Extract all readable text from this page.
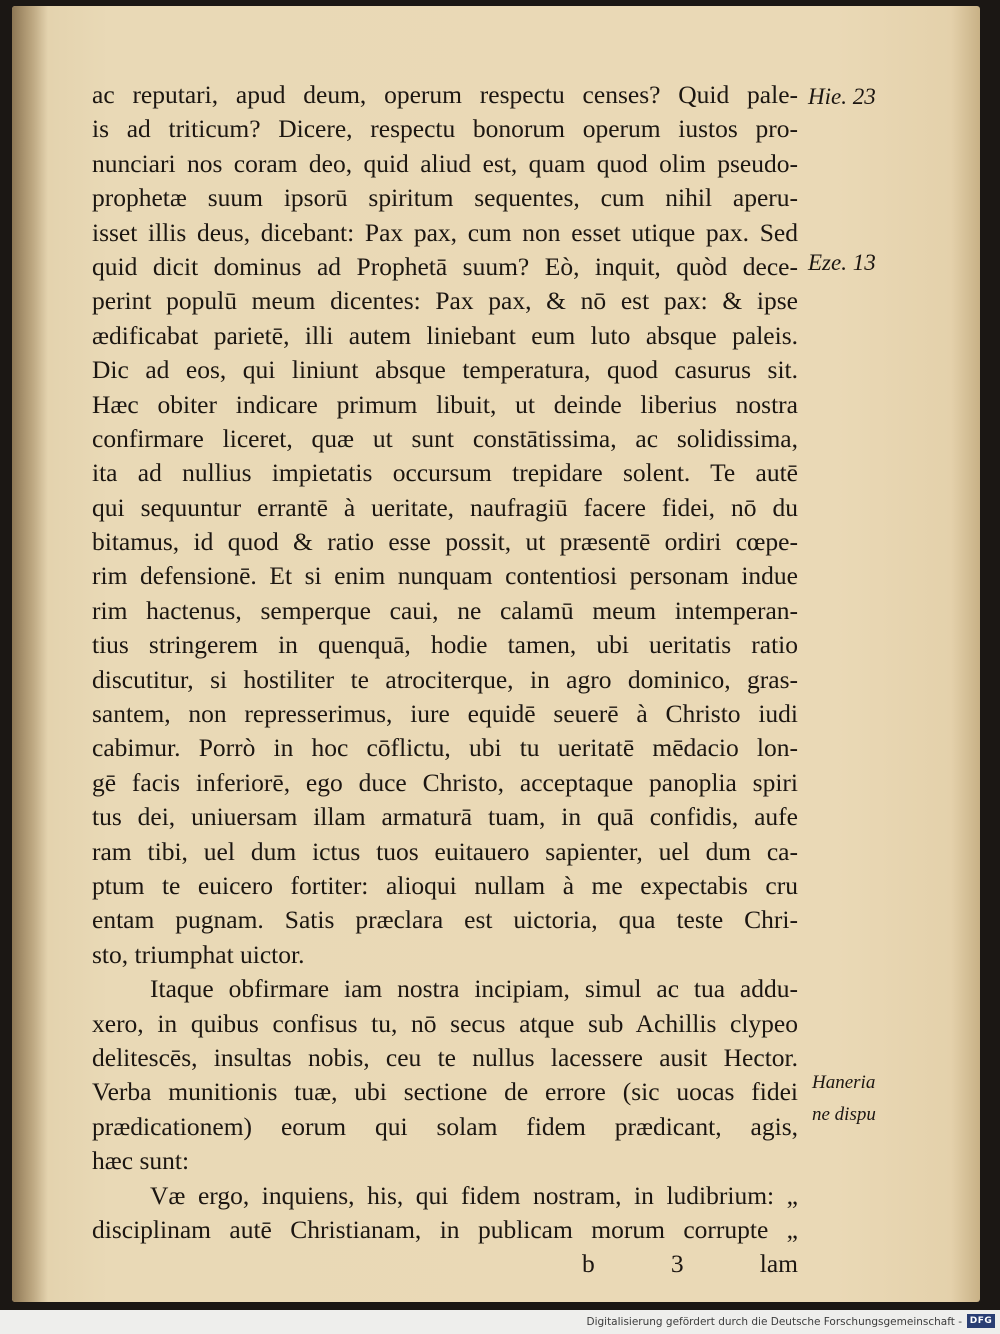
ac reputari, apud deum, operum respectu censes? Quid pale-
is ad triticum? Dicere, respectu bonorum operum iustos pro-
nunciari nos coram deo, quid aliud est, quam quod olim pseudo-
prophetæ suum ipsorū spiritum sequentes, cum nihil aperu-
isset illis deus, dicebant: Pax pax, cum non esset utique pax. Sed
quid dicit dominus ad Prophetā suum? Eò, inquit, quòd dece-
perint populū meum dicentes: Pax pax, & nō est pax: & ipse
ædificabat parietē, illi autem liniebant eum luto absque paleis.
Dic ad eos, qui liniunt absque temperatura, quod casurus sit.
Hæc obiter indicare primum libuit, ut deinde liberius nostra
confirmare liceret, quæ ut sunt constātissima, ac solidissima,
ita ad nullius impietatis occursum trepidare solent. Te autē
qui sequuntur errantē à ueritate, naufragiū facere fidei, nō du
bitamus, id quod & ratio esse possit, ut præsentē ordiri cœpe-
rim defensionē. Et si enim nunquam contentiosi personam indue
rim hactenus, semperque caui, ne calamū meum intemperan-
tius stringerem in quenquā, hodie tamen, ubi ueritatis ratio
discutitur, si hostiliter te atrociterque, in agro dominico, gras-
santem, non represserimus, iure equidē seuerē à Christo iudi
cabimur. Porrò in hoc cōflictu, ubi tu ueritatē mēdacio lon-
gē facis inferiorē, ego duce Christo, acceptaque panoplia spiri
tus dei, uniuersam illam armaturā tuam, in quā confidis, aufe
ram tibi, uel dum ictus tuos euitauero sapienter, uel dum ca-
ptum te euicero fortiter: alioqui nullam à me expectabis cru
entam pugnam. Satis præclara est uictoria, qua teste Chri-
sto, triumphat uictor.
Itaque obfirmare iam nostra incipiam, simul ac tua addu-
xero, in quibus confisus tu, nō secus atque sub Achillis clypeo
delitescēs, insultas nobis, ceu te nullus lacessere ausit Hector.
Verba munitionis tuæ, ubi sectione de errore (sic uocas fidei
prædicationem) eorum qui solam fidem prædicant, agis,
hæc sunt:
Væ ergo, inquiens, his, qui fidem nostram, in ludibrium: „
disciplinam autē Christianam, in publicam morum corrupte „
b	3	lam
Hie. 23
Eze. 13
Haneria
ne dispu
Digitalisierung gefördert durch die Deutsche Forschungsgemeinschaft - DFG
